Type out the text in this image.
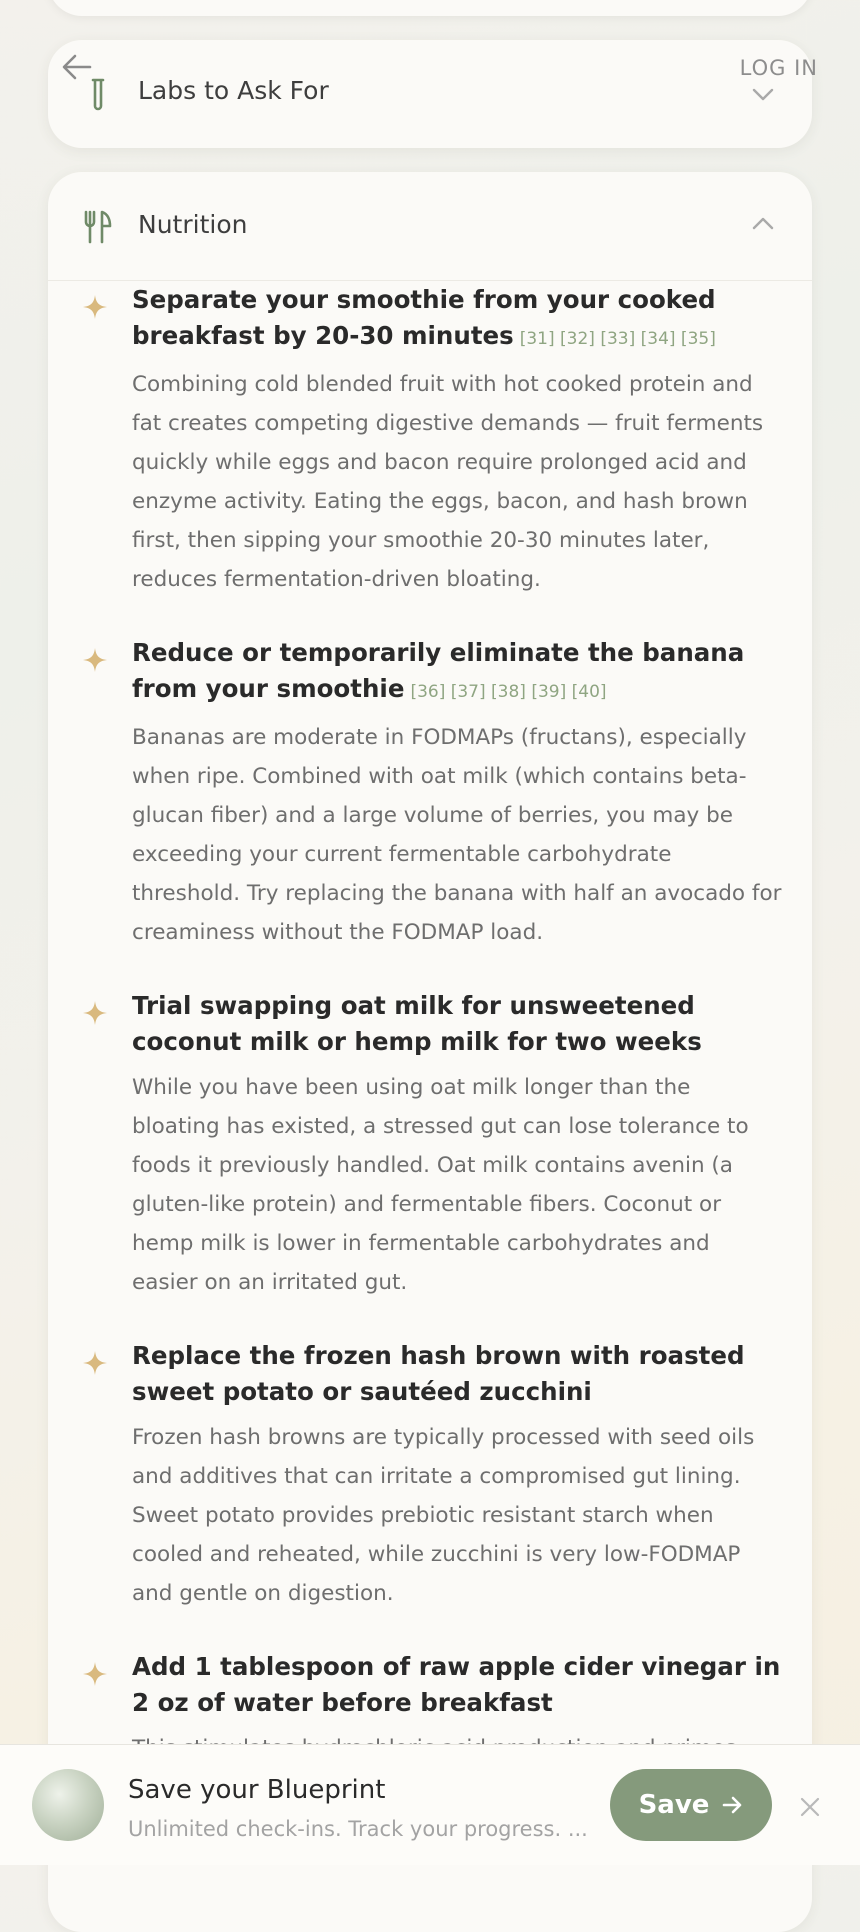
LOG IN
Labs to Ask For
Nutrition
Separate your smoothie from your cooked breakfast by 20-30 minutes [31] [32] [33] [34] [35]

Combining cold blended fruit with hot cooked protein and fat creates competing digestive demands — fruit ferments quickly while eggs and bacon require prolonged acid and enzyme activity. Eating the eggs, bacon, and hash brown first, then sipping your smoothie 20-30 minutes later, reduces fermentation-driven bloating.

Reduce or temporarily eliminate the banana from your smoothie [36] [37] [38] [39] [40]

Bananas are moderate in FODMAPs (fructans), especially when ripe. Combined with oat milk (which contains beta-glucan fiber) and a large volume of berries, you may be exceeding your current fermentable carbohydrate threshold. Try replacing the banana with half an avocado for creaminess without the FODMAP load.

Trial swapping oat milk for unsweetened coconut milk or hemp milk for two weeks

While you have been using oat milk longer than the bloating has existed, a stressed gut can lose tolerance to foods it previously handled. Oat milk contains avenin (a gluten-like protein) and fermentable fibers. Coconut or hemp milk is lower in fermentable carbohydrates and easier on an irritated gut.

Replace the frozen hash brown with roasted sweet potato or sautéed zucchini

Frozen hash browns are typically processed with seed oils and additives that can irritate a compromised gut lining. Sweet potato provides prebiotic resistant starch when cooled and reheated, while zucchini is very low-FODMAP and gentle on digestion.

Add 1 tablespoon of raw apple cider vinegar in 2 oz of water before breakfast

Save your Blueprint
Unlimited check-ins. Track your progress. ...
Save
